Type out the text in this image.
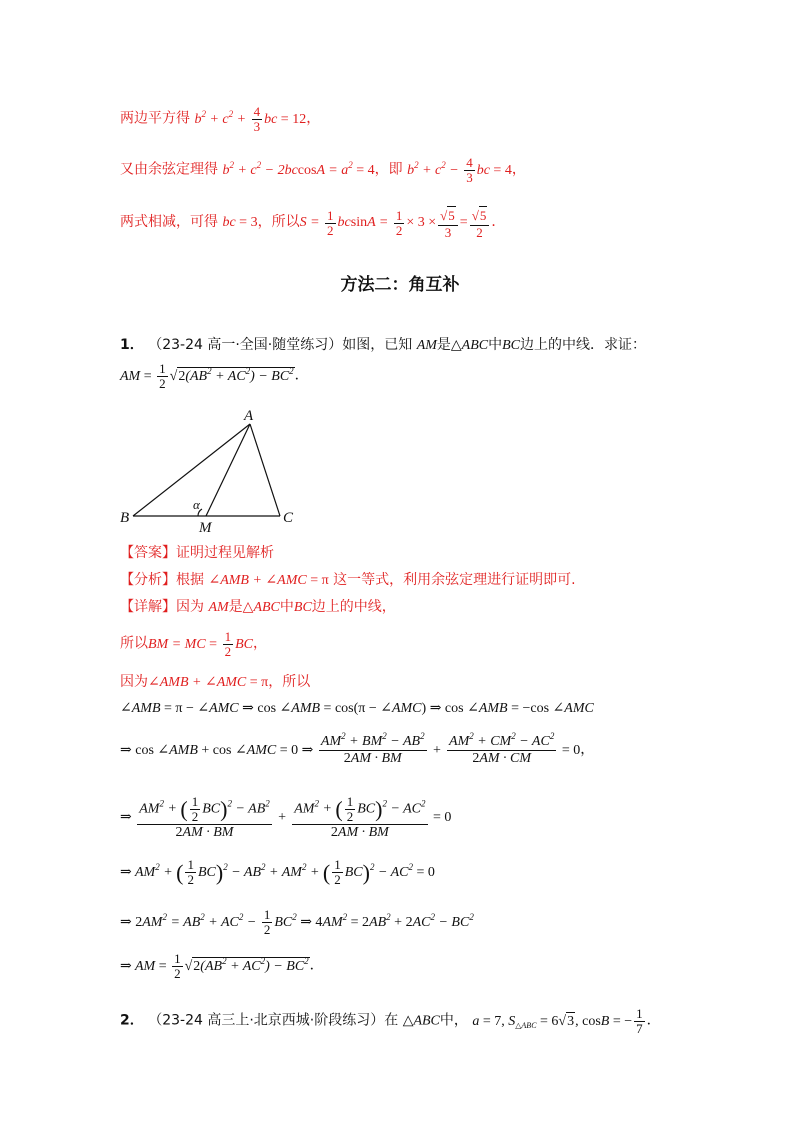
两边平方得 $b^2 + c^2 + \frac{4}{3}$ bc = 12，
又由余弦定理得 $b^2 + c^2 - 2bccosA = a^2 = 4$，即 $b^2 + c^2 - \frac{4}{3}$ bc = 4，
两式相减，可得 bc = 3，所以$S = \frac{1}{2}$ $bcsinA = \frac{1}{2} \times 3 \times \frac{√5}{3} = \frac{√5}{2}$ ．
方法二：角互补
1． （23-24 高一·全国·随堂练习）如图，已知 AM是△ABC中BC边上的中线．求证：
AM = $\frac{1}{2} √2(AB^2 + AC^2) - BC^2$．
A
B	C
M
α
【答案】证明过程见解析
【分析】根据 ∠AMB + ∠AMC = π 这一等式，利用余弦定理进行证明即可.
【详解】因为 AM是△ABC中BC边上的中线，
所以BM = MC = $\frac{1}{2}$ BC，
因为∠AMB + ∠AMC = π，所以
∠AMB = π − ∠AMC ⇒ cos ∠AMB = cos(π − ∠AMC) ⇒ cos ∠AMB = −cos ∠AMC
⇒ cos ∠AMB + cos ∠AMC = 0 ⇒ $\frac{AM^2 + BM^2 - AB^2}{2AM \cdot BM} + \frac{AM^2 + CM^2 - AC^2}{2AM \cdot CM} = 0$，
⇒ $\frac{AM^2 + ( \frac{1}{2} BC)^2 - AB^2}{2AM \cdot BM} + \frac{AM^2 + ( \frac{1}{2} BC)^2 - AC^2}{2AM \cdot BM} = 0$
⇒ $AM^2$ + ( $\frac{1}{2} BC)^2 - AB^2 + AM^2$ + ( $\frac{1}{2} BC)^2 - AC^2 = 0$
⇒ $2AM^2 = AB^2 + AC^2 - \frac{1}{2} BC^2$ ⇒ $4AM^2 = 2AB^2 + 2AC^2 - BC^2$
⇒ AM = $\frac{1}{2} √2(AB^2 + AC^2) - BC^2$．
2． （23-24 高三上·北京西城·阶段练习）在 △ABC中， a = 7, $S_{\triangle ABC} = 6√3$, cosB = − $\frac{1}{7}$ ．
